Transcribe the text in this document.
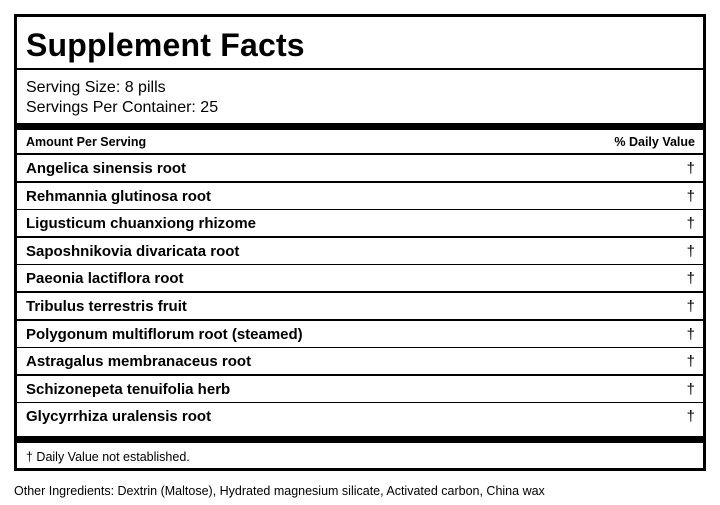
Supplement Facts
Serving Size: 8 pills
Servings Per Container: 25
Amount Per Serving	% Daily Value
Angelica sinensis root	†
Rehmannia glutinosa root	†
Ligusticum chuanxiong rhizome	†
Saposhnikovia divaricata root	†
Paeonia lactiflora root	†
Tribulus terrestris fruit	†
Polygonum multiflorum root (steamed)	†
Astragalus membranaceus root	†
Schizonepeta tenuifolia herb	†
Glycyrrhiza uralensis root	†
† Daily Value not established.
Other Ingredients: Dextrin (Maltose), Hydrated magnesium silicate, Activated carbon, China wax
